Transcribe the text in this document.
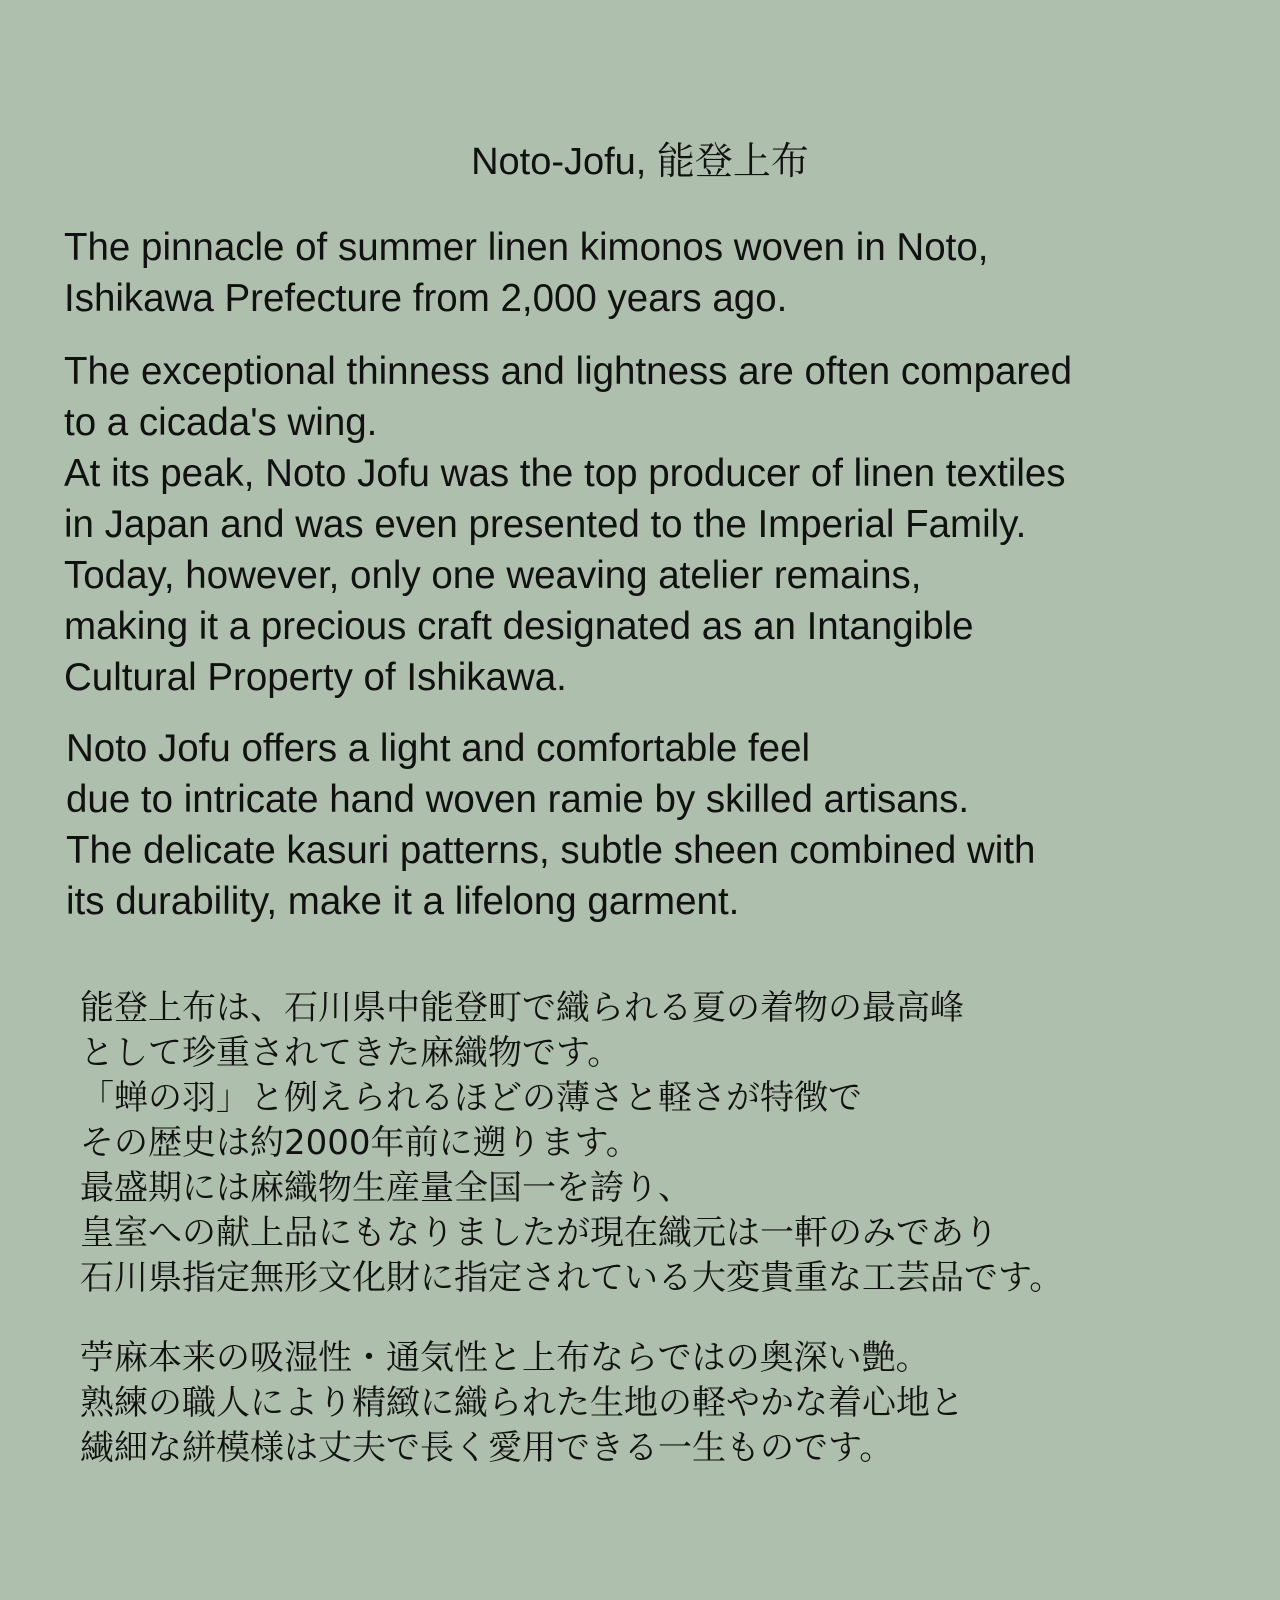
Noto-Jofu, 能登上布
The pinnacle of summer linen kimonos woven in Noto,
Ishikawa Prefecture from 2,000 years ago.
The exceptional thinness and lightness are often compared
to a cicada's wing.
At its peak, Noto Jofu was the top producer of linen textiles
in Japan and was even presented to the Imperial Family.
Today, however, only one weaving atelier remains,
making it a precious craft designated as an Intangible
Cultural Property of Ishikawa.
Noto Jofu offers a light and comfortable feel
due to intricate hand woven ramie by skilled artisans.
The delicate kasuri patterns, subtle sheen combined with
its durability, make it a lifelong garment.
能登上布は、石川県中能登町で織られる夏の着物の最高峰
として珍重されてきた麻織物です。
「蝉の羽」と例えられるほどの薄さと軽さが特徴で
その歴史は約2000年前に遡ります。
最盛期には麻織物生産量全国一を誇り、
皇室への献上品にもなりましたが現在織元は一軒のみであり
石川県指定無形文化財に指定されている大変貴重な工芸品です。
苧麻本来の吸湿性・通気性と上布ならではの奥深い艶。
熟練の職人により精緻に織られた生地の軽やかな着心地と
繊細な絣模様は丈夫で長く愛用できる一生ものです。
